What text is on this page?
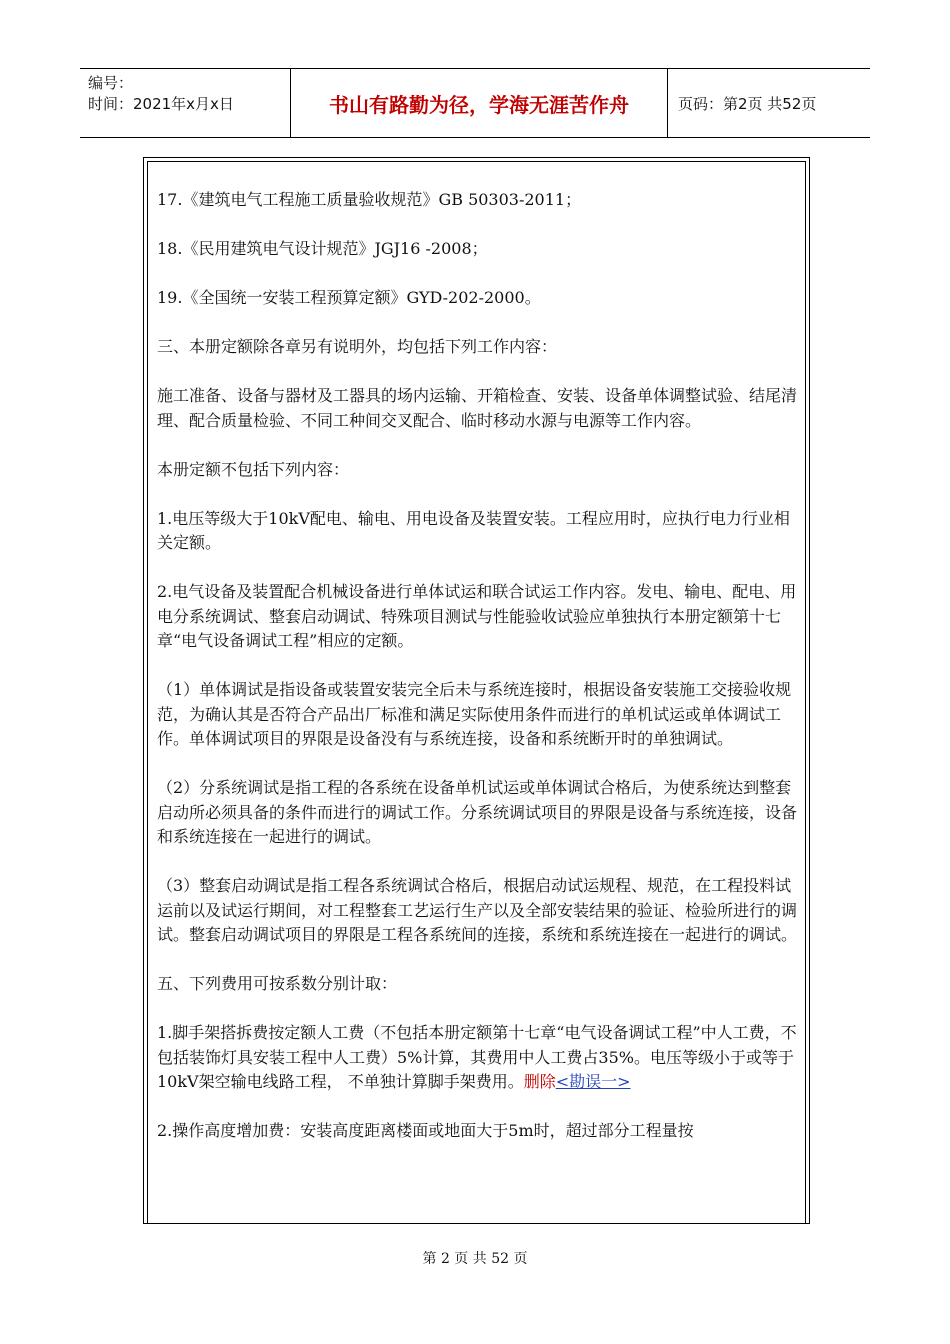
编号：
时间：2021年x月x日	书山有路勤为径，学海无涯苦作舟	页码：第2页 共52页

17.《建筑电气工程施工质量验收规范》GB 50303-2011；

18.《民用建筑电气设计规范》JGJ16 -2008；

19.《全国统一安装工程预算定额》GYD-202-2000。

三、本册定额除各章另有说明外，均包括下列工作内容：

施工准备、设备与器材及工器具的场内运输、开箱检查、安装、设备单体调整试验、结尾清理、配合质量检验、不同工种间交叉配合、临时移动水源与电源等工作内容。

本册定额不包括下列内容：

1.电压等级大于10kV配电、输电、用电设备及装置安装。工程应用时，应执行电力行业相关定额。

2.电气设备及装置配合机械设备进行单体试运和联合试运工作内容。发电、输电、配电、用电分系统调试、整套启动调试、特殊项目测试与性能验收试验应单独执行本册定额第十七章“电气设备调试工程”相应的定额。

（1）单体调试是指设备或装置安装完全后未与系统连接时，根据设备安装施工交接验收规范，为确认其是否符合产品出厂标准和满足实际使用条件而进行的单机试运或单体调试工作。单体调试项目的界限是设备没有与系统连接，设备和系统断开时的单独调试。

（2）分系统调试是指工程的各系统在设备单机试运或单体调试合格后，为使系统达到整套启动所必须具备的条件而进行的调试工作。分系统调试项目的界限是设备与系统连接，设备和系统连接在一起进行的调试。

（3）整套启动调试是指工程各系统调试合格后，根据启动试运规程、规范，在工程投料试运前以及试运行期间，对工程整套工艺运行生产以及全部安装结果的验证、检验所进行的调试。整套启动调试项目的界限是工程各系统间的连接，系统和系统连接在一起进行的调试。

五、下列费用可按系数分别计取：

1.脚手架搭拆费按定额人工费（不包括本册定额第十七章“电气设备调试工程”中人工费，不包括装饰灯具安装工程中人工费）5%计算，其费用中人工费占35%。电压等级小于或等于10kV架空输电线路工程， 不单独计算脚手架费用。删除<勘误一>

2.操作高度增加费：安装高度距离楼面或地面大于5m时，超过部分工程量按

第 2 页 共 52 页
